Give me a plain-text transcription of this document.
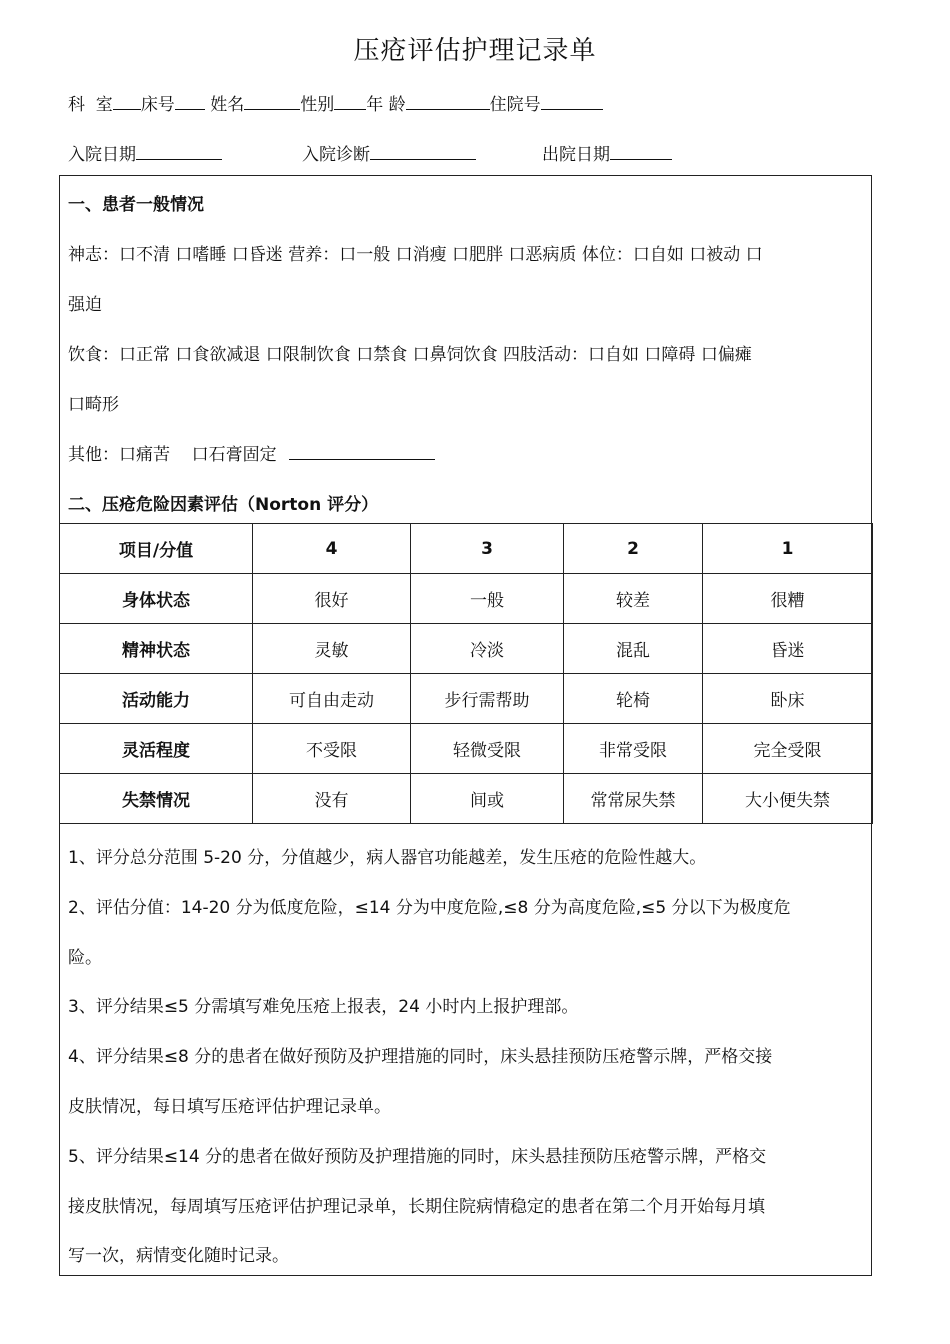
压疮评估护理记录单
科  室 床号 姓名	性别 年 龄	住院号
入院日期	入院诊断	出院日期
一、患者一般情况
神志：口不清 口嗜睡 口昏迷 营养：口一般 口消瘦 口肥胖 口恶病质 体位：口自如 口被动 口
强迫
饮食：口正常 口食欲减退 口限制饮食 口禁食 口鼻饲饮食 四肢活动：口自如 口障碍 口偏瘫
口畸形
其他：口痛苦    口石膏固定
二、压疮危险因素评估（Norton 评分）
项目/分值	4	3	2	1
身体状态	很好	一般	较差	很糟
精神状态	灵敏	冷淡	混乱	昏迷
活动能力	可自由走动	步行需帮助	轮椅	卧床
灵活程度	不受限	轻微受限	非常受限	完全受限
失禁情况	没有	间或	常常尿失禁	大小便失禁
1、评分总分范围 5-20 分，分值越少，病人器官功能越差，发生压疮的危险性越大。
2、评估分值：14-20 分为低度危险，≤14 分为中度危险,≤8 分为高度危险,≤5 分以下为极度危
险。
3、评分结果≤5 分需填写难免压疮上报表，24 小时内上报护理部。
4、评分结果≤8 分的患者在做好预防及护理措施的同时，床头悬挂预防压疮警示牌，严格交接
皮肤情况，每日填写压疮评估护理记录单。
5、评分结果≤14 分的患者在做好预防及护理措施的同时，床头悬挂预防压疮警示牌，严格交
接皮肤情况，每周填写压疮评估护理记录单，长期住院病情稳定的患者在第二个月开始每月填
写一次，病情变化随时记录。
